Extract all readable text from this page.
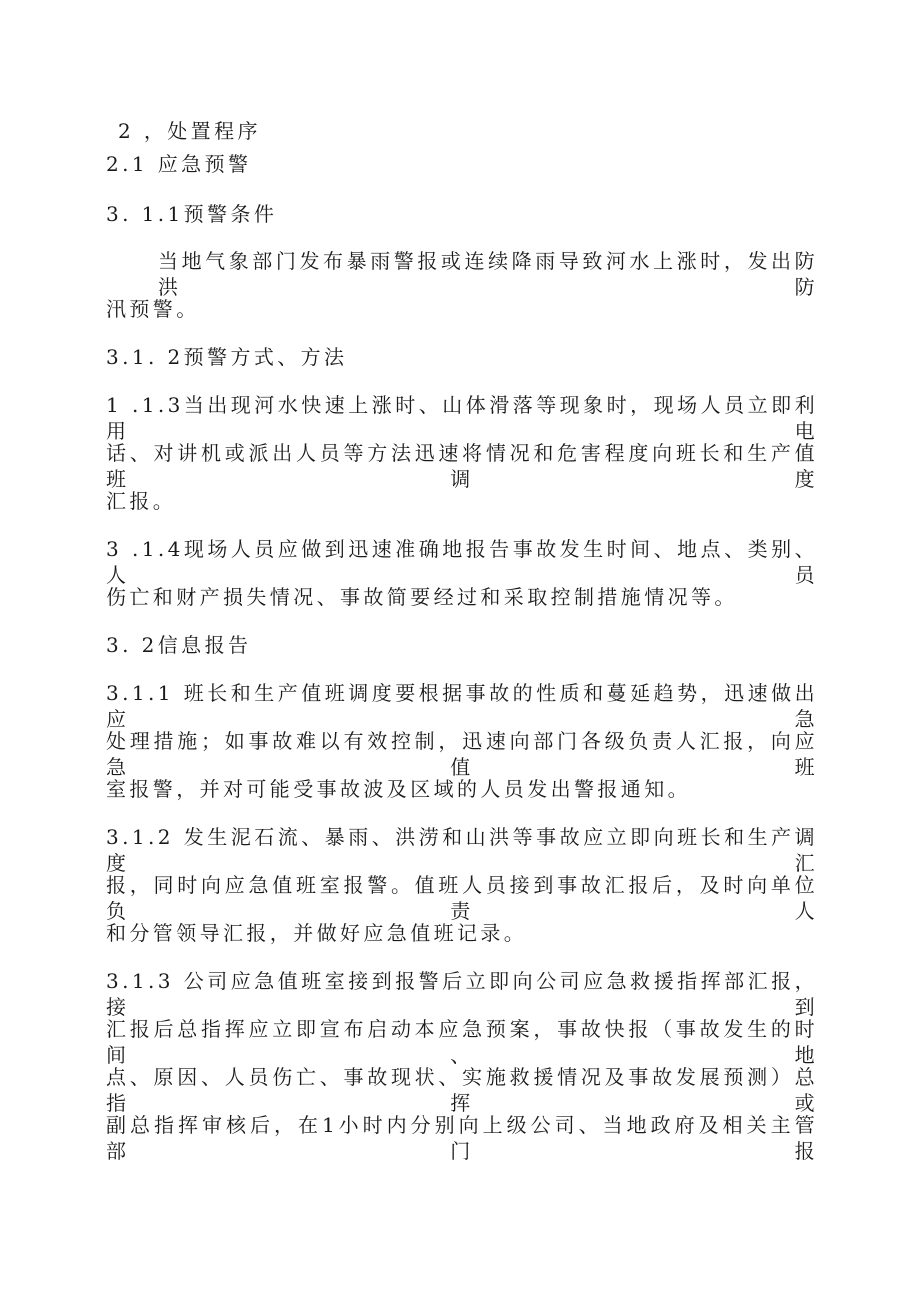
2 ，处置程序
2.1 应急预警
3. 1.1预警条件
当地气象部门发布暴雨警报或连续降雨导致河水上涨时，发出防洪防
汛预警。
3.1. 2预警方式、方法
1 .1.3当出现河水快速上涨时、山体滑落等现象时，现场人员立即利用电
话、对讲机或派出人员等方法迅速将情况和危害程度向班长和生产值班调度
汇报。
3 .1.4现场人员应做到迅速准确地报告事故发生时间、地点、类别、人员
伤亡和财产损失情况、事故简要经过和采取控制措施情况等。
3. 2信息报告
3.1.1 班长和生产值班调度要根据事故的性质和蔓延趋势，迅速做出应急
处理措施；如事故难以有效控制，迅速向部门各级负责人汇报，向应急值班
室报警，并对可能受事故波及区域的人员发出警报通知。
3.1.2 发生泥石流、暴雨、洪涝和山洪等事故应立即向班长和生产调度汇
报，同时向应急值班室报警。值班人员接到事故汇报后，及时向单位负责人
和分管领导汇报，并做好应急值班记录。
3.1.3 公司应急值班室接到报警后立即向公司应急救援指挥部汇报，接到
汇报后总指挥应立即宣布启动本应急预案，事故快报（事故发生的时间、地
点、原因、人员伤亡、事故现状、实施救援情况及事故发展预测）总指挥或
副总指挥审核后，在1小时内分别向上级公司、当地政府及相关主管部门报
